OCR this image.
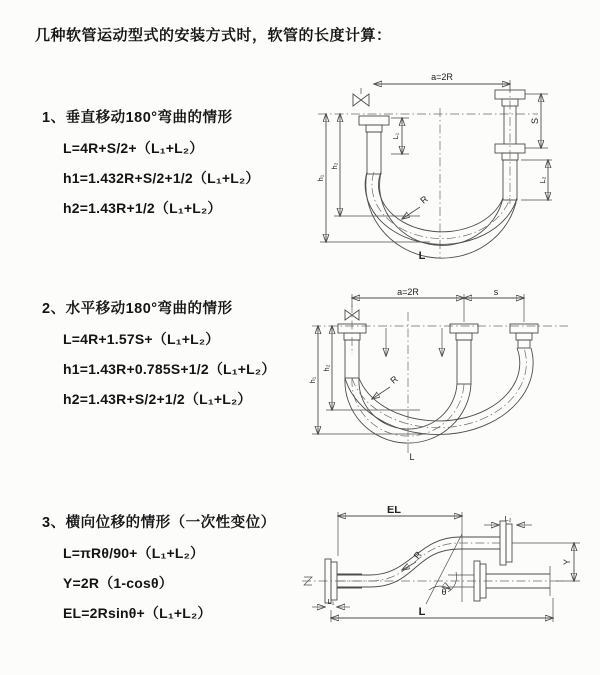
几种软管运动型式的安装方式时，软管的长度计算：
1、垂直移动180°弯曲的情形
L=4R+S/2+（L₁+L₂）
h1=1.432R+S/2+1/2（L₁+L₂）
h2=1.43R+1/2（L₁+L₂）
2、水平移动180°弯曲的情形
L=4R+1.57S+（L₁+L₂）
h1=1.43R+0.785S+1/2（L₁+L₂）
h2=1.43R+S/2+1/2（L₁+L₂）
3、横向位移的情形（一次性变位）
L=πRθ/90+（L₁+L₂）
Y=2R（1-cosθ）
EL=2Rsinθ+（L₁+L₂）
a=2R
L₁
S
L₂
h₁
h₂
R
L
a=2R	s
h₁
h₂
R
L
EL
L₂
L₁
θ
R
Y
L
